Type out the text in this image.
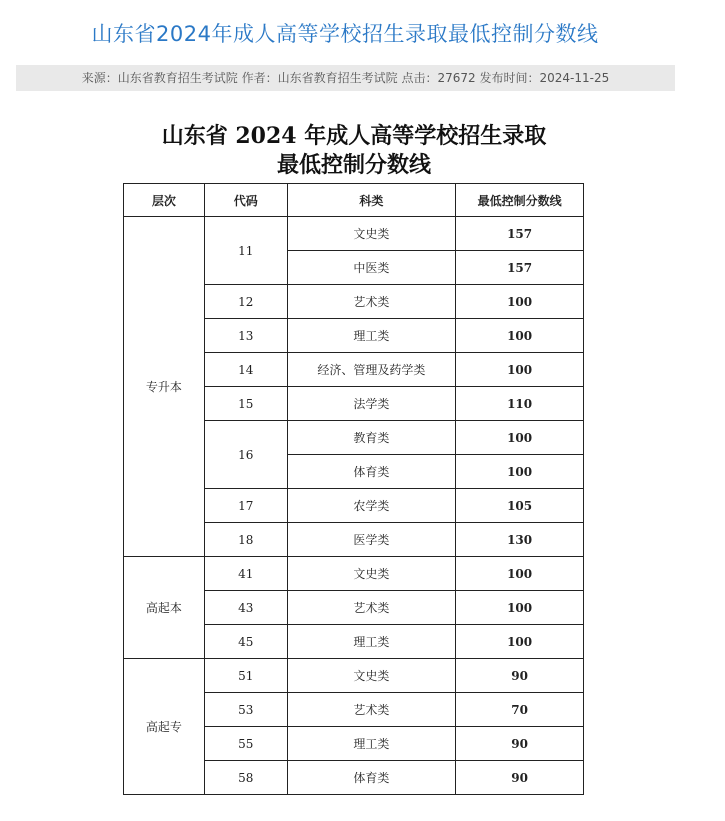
山东省2024年成人高等学校招生录取最低控制分数线
来源：山东省教育招生考试院 作者：山东省教育招生考试院 点击：27672 发布时间：2024-11-25
山东省 2024 年成人高等学校招生录取
最低控制分数线
层次	代码	科类	最低控制分数线
专升本	11	文史类	157
		中医类	157
	12	艺术类	100
	13	理工类	100
	14	经济、管理及药学类	100
	15	法学类	110
	16	教育类	100
		体育类	100
	17	农学类	105
	18	医学类	130
高起本	41	文史类	100
	43	艺术类	100
	45	理工类	100
高起专	51	文史类	90
	53	艺术类	70
	55	理工类	90
	58	体育类	90
